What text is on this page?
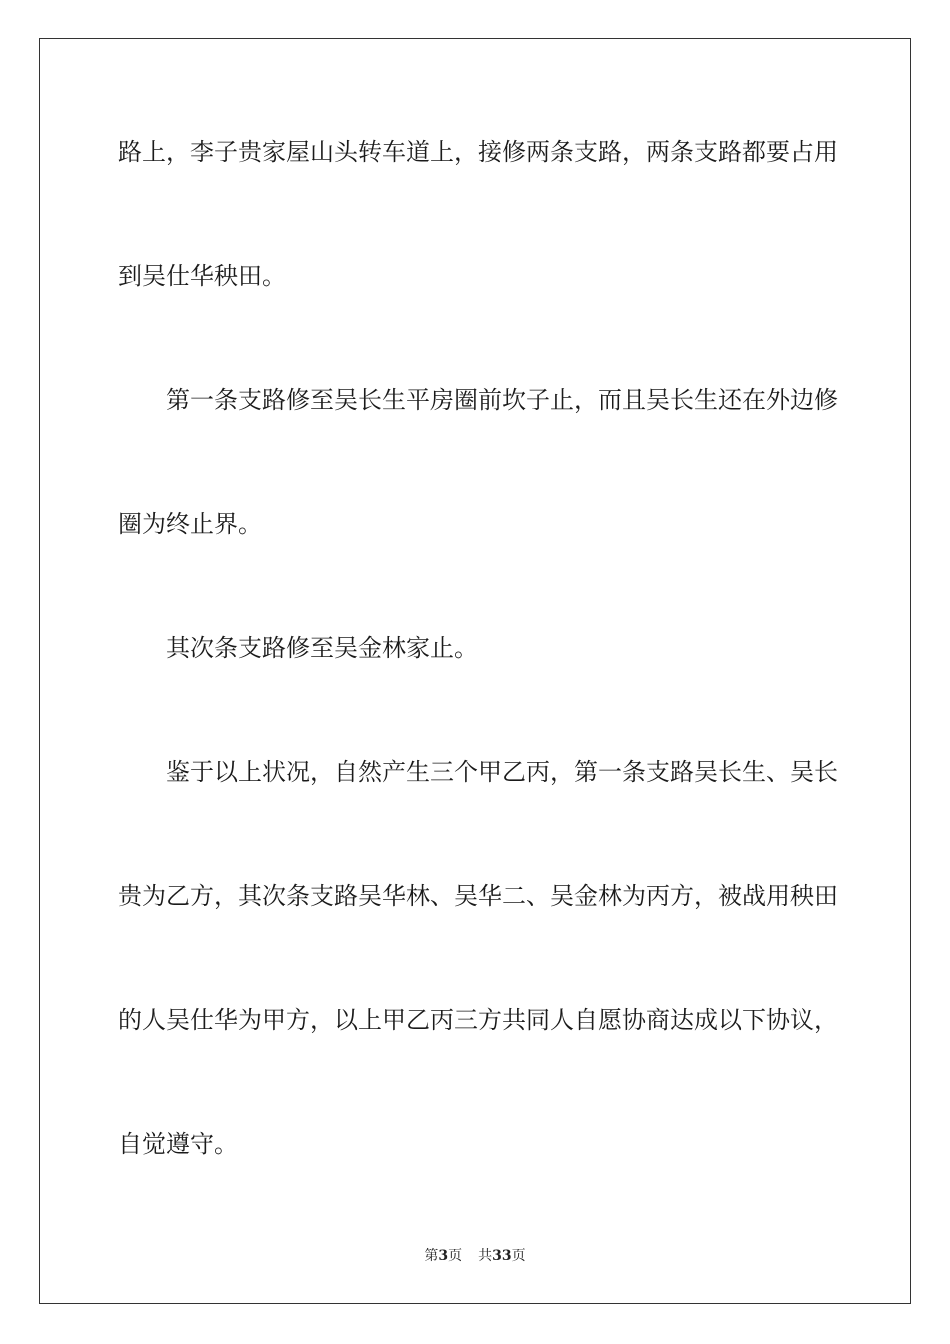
路上，李子贵家屋山头转车道上，接修两条支路，两条支路都要占用
到吴仕华秧田。
第一条支路修至吴长生平房圈前坎子止，而且吴长生还在外边修
圈为终止界。
其次条支路修至吴金林家止。
鉴于以上状况，自然产生三个甲乙丙，第一条支路吴长生、吴长
贵为乙方，其次条支路吴华林、吴华二、吴金林为丙方，被战用秧田
的人吴仕华为甲方，以上甲乙丙三方共同人自愿协商达成以下协议，
自觉遵守。
第3页 共33页
